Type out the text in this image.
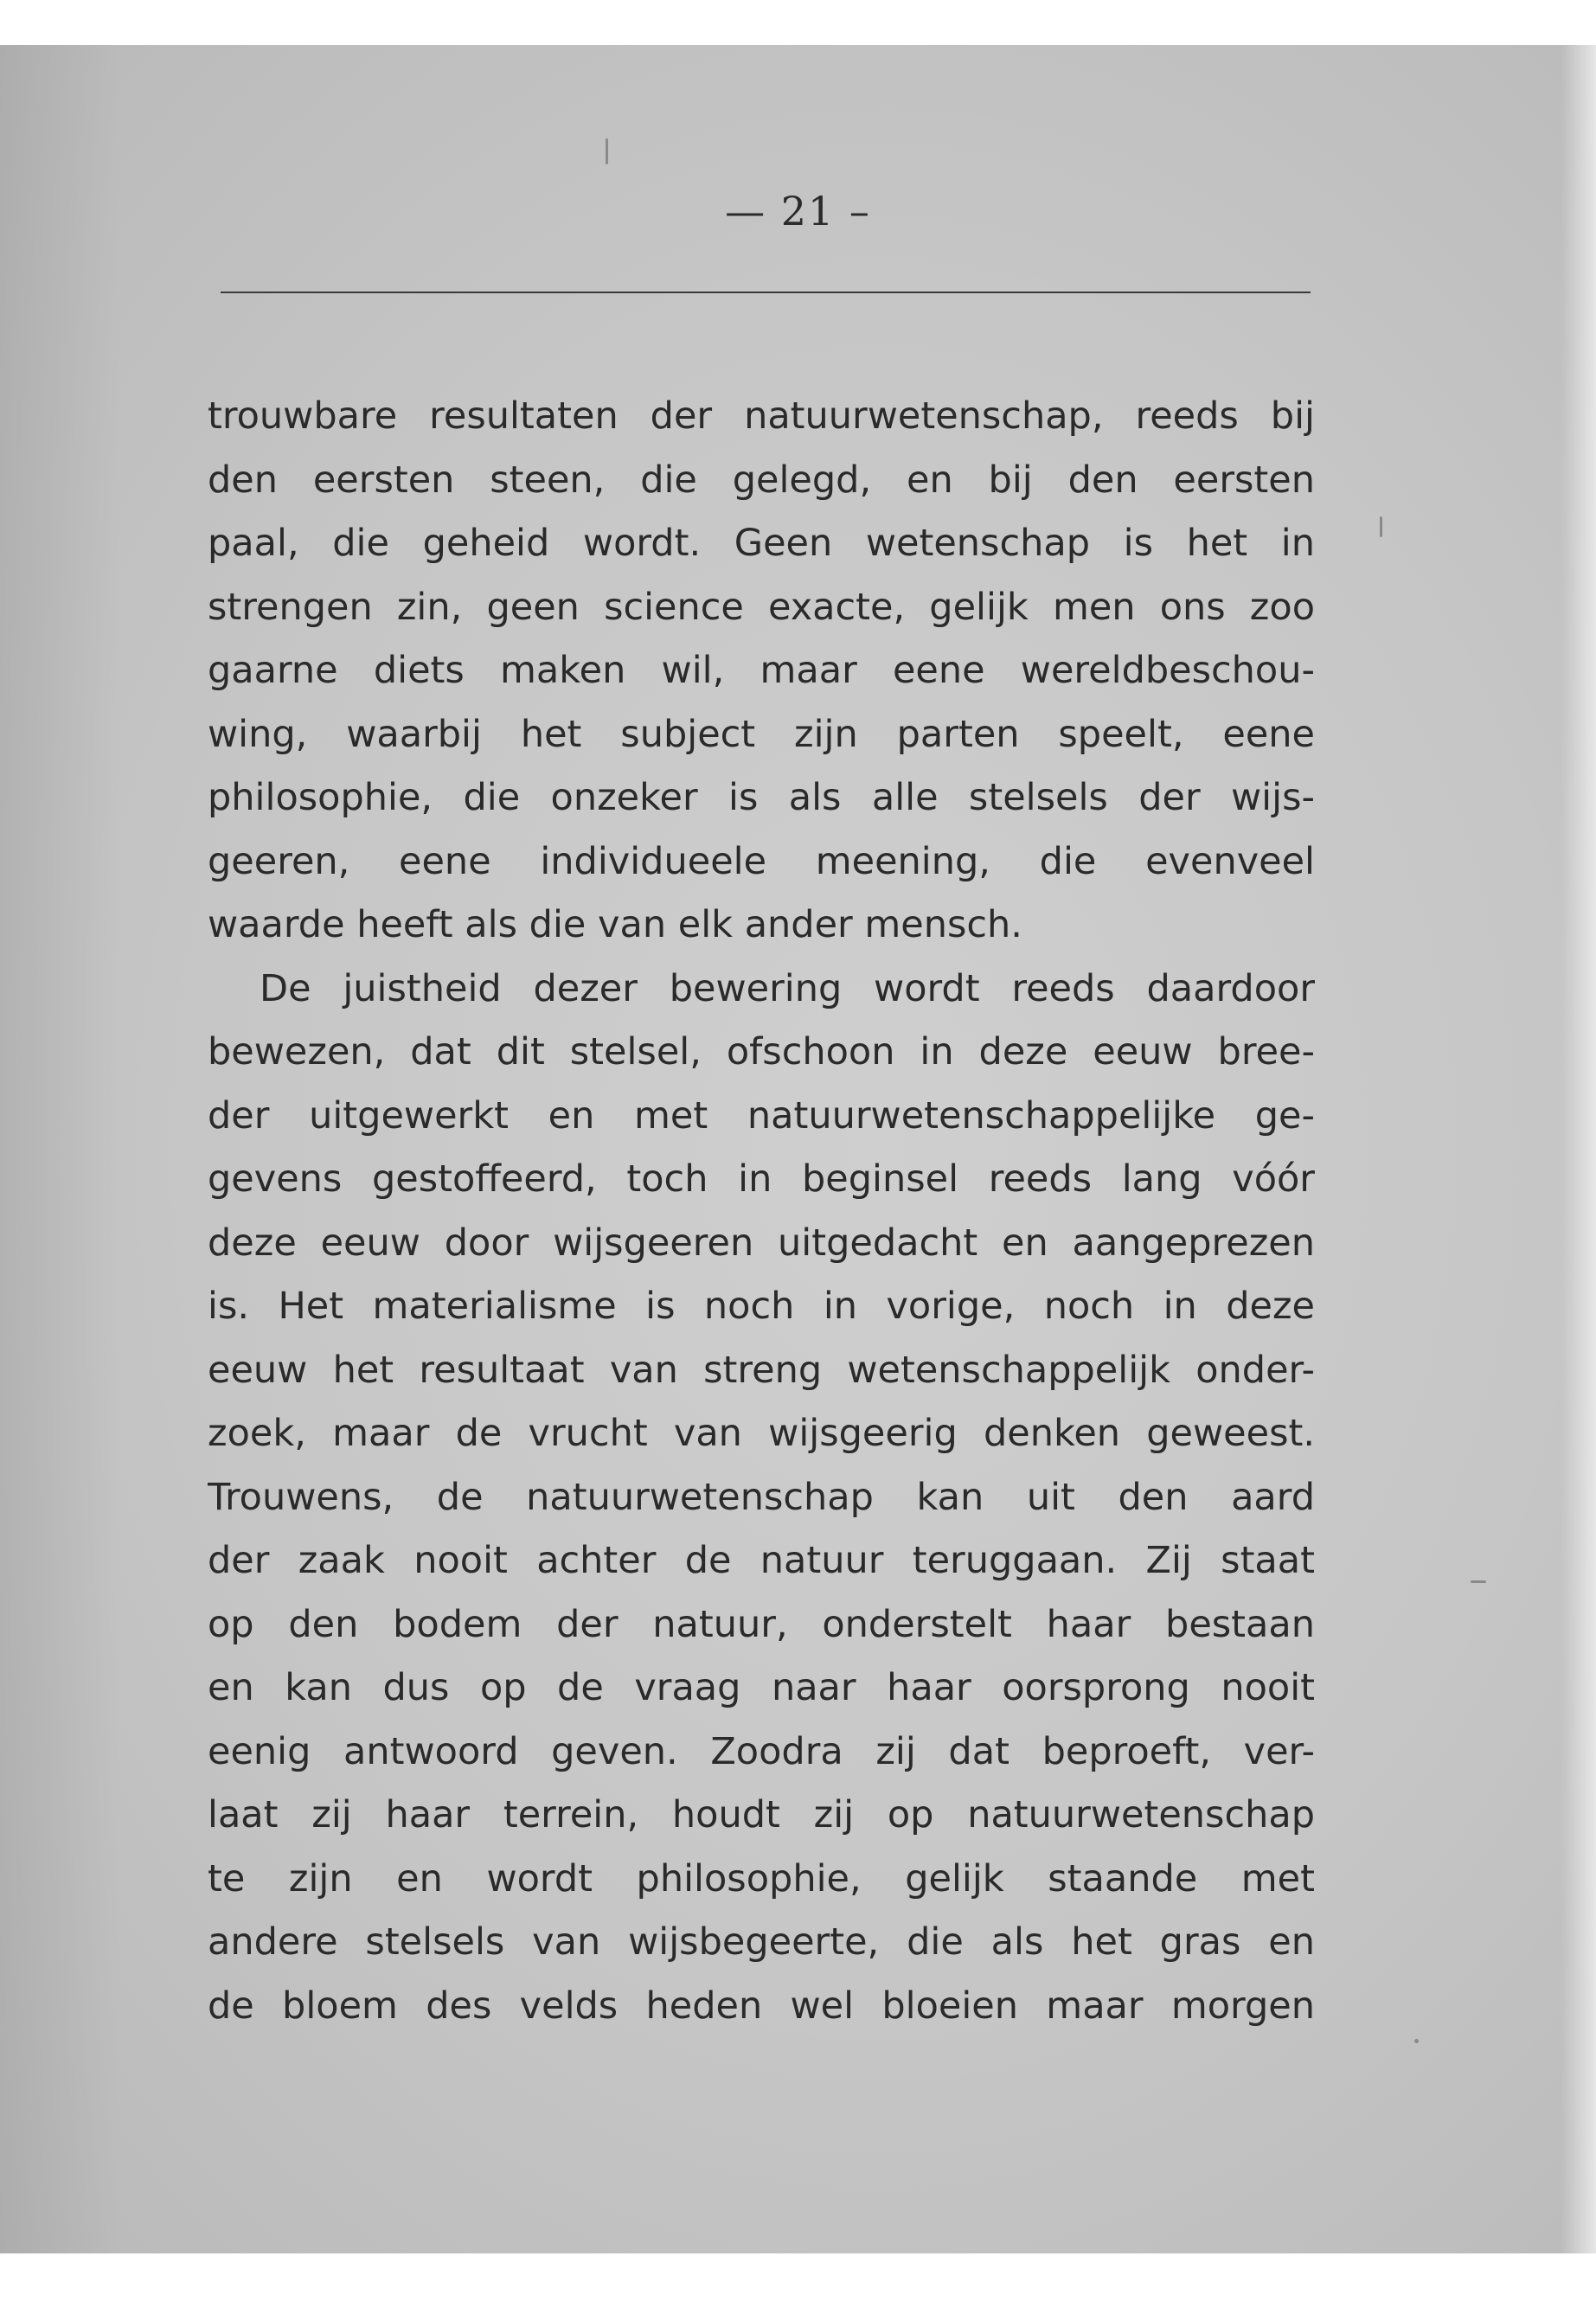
— 21 –
trouwbare resultaten der natuurwetenschap, reeds bij
den eersten steen, die gelegd, en bij den eersten
paal, die geheid wordt. Geen wetenschap is het in
strengen zin, geen science exacte, gelijk men ons zoo
gaarne diets maken wil, maar eene wereldbeschou-
wing, waarbij het subject zijn parten speelt, eene
philosophie, die onzeker is als alle stelsels der wijs-
geeren, eene individueele meening, die evenveel
waarde heeft als die van elk ander mensch.
De juistheid dezer bewering wordt reeds daardoor
bewezen, dat dit stelsel, ofschoon in deze eeuw bree-
der uitgewerkt en met natuurwetenschappelijke ge-
gevens gestoffeerd, toch in beginsel reeds lang vóór
deze eeuw door wijsgeeren uitgedacht en aangeprezen
is. Het materialisme is noch in vorige, noch in deze
eeuw het resultaat van streng wetenschappelijk onder-
zoek, maar de vrucht van wijsgeerig denken geweest.
Trouwens, de natuurwetenschap kan uit den aard
der zaak nooit achter de natuur teruggaan. Zij staat
op den bodem der natuur, onderstelt haar bestaan
en kan dus op de vraag naar haar oorsprong nooit
eenig antwoord geven. Zoodra zij dat beproeft, ver-
laat zij haar terrein, houdt zij op natuurwetenschap
te zijn en wordt philosophie, gelijk staande met
andere stelsels van wijsbegeerte, die als het gras en
de bloem des velds heden wel bloeien maar morgen
